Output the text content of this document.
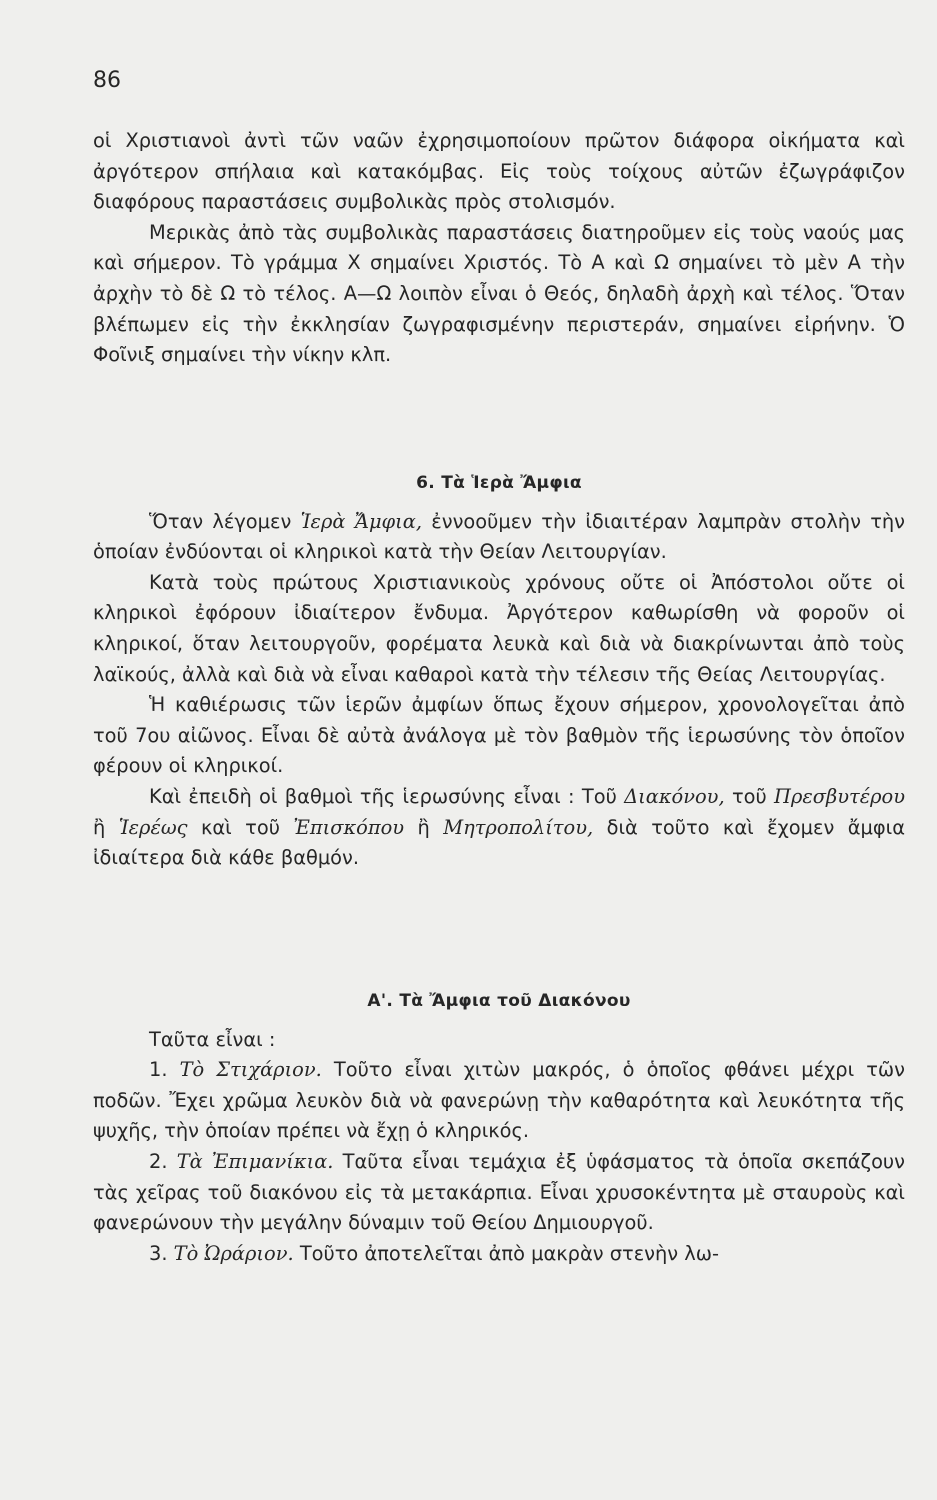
86

οἱ Χριστιανοὶ ἀντὶ τῶν ναῶν ἐχρησιμοποίουν πρῶτον διάφορα οἰκήματα καὶ ἀργότερον σπήλαια καὶ κατακόμβας. Εἰς τοὺς τοίχους αὐτῶν ἐζωγράφιζον διαφόρους παραστάσεις συμβολικὰς πρὸς στολισμόν.

Μερικὰς ἀπὸ τὰς συμβολικὰς παραστάσεις διατηροῦμεν εἰς τοὺς ναούς μας καὶ σήμερον. Τὸ γράμμα Χ σημαίνει Χριστός. Τὸ Α καὶ Ω σημαίνει τὸ μὲν Α τὴν ἀρχὴν τὸ δὲ Ω τὸ τέλος. Α—Ω λοιπὸν εἶναι ὁ Θεός, δηλαδὴ ἀρχὴ καὶ τέλος. Ὅταν βλέπωμεν εἰς τὴν ἐκκλησίαν ζωγραφισμένην περιστεράν, σημαίνει εἰρήνην. Ὁ Φοῖνιξ σημαίνει τὴν νίκην κλπ.

6. Τὰ Ἱερὰ Ἄμφια

Ὅταν λέγομεν Ἱερὰ Ἄμφια, ἐννοοῦμεν τὴν ἰδιαιτέραν λαμπρὰν στολὴν τὴν ὁποίαν ἐνδύονται οἱ κληρικοὶ κατὰ τὴν Θείαν Λειτουργίαν.

Κατὰ τοὺς πρώτους Χριστιανικοὺς χρόνους οὔτε οἱ Ἀπόστολοι οὔτε οἱ κληρικοὶ ἐφόρουν ἰδιαίτερον ἔνδυμα. Ἀργότερον καθωρίσθη νὰ φοροῦν οἱ κληρικοί, ὅταν λειτουργοῦν, φορέματα λευκὰ καὶ διὰ νὰ διακρίνωνται ἀπὸ τοὺς λαϊκούς, ἀλλὰ καὶ διὰ νὰ εἶναι καθαροὶ κατὰ τὴν τέλεσιν τῆς Θείας Λειτουργίας.

Ἡ καθιέρωσις τῶν ἱερῶν ἀμφίων ὅπως ἔχουν σήμερον, χρονολογεῖται ἀπὸ τοῦ 7ου αἰῶνος. Εἶναι δὲ αὐτὰ ἀνάλογα μὲ τὸν βαθμὸν τῆς ἱερωσύνης τὸν ὁποῖον φέρουν οἱ κληρικοί.

Καὶ ἐπειδὴ οἱ βαθμοὶ τῆς ἱερωσύνης εἶναι : Τοῦ Διακόνου, τοῦ Πρεσβυτέρου ἢ Ἱερέως καὶ τοῦ Ἐπισκόπου ἢ Μητροπολίτου, διὰ τοῦτο καὶ ἔχομεν ἄμφια ἰδιαίτερα διὰ κάθε βαθμόν.

Α'. Τὰ Ἄμφια τοῦ Διακόνου

Ταῦτα εἶναι :

1. Τὸ Στιχάριον. Τοῦτο εἶναι χιτὼν μακρός, ὁ ὁποῖος φθάνει μέχρι τῶν ποδῶν. Ἔχει χρῶμα λευκὸν διὰ νὰ φανερώνῃ τὴν καθαρότητα καὶ λευκότητα τῆς ψυχῆς, τὴν ὁποίαν πρέπει νὰ ἔχῃ ὁ κληρικός.

2. Τὰ Ἐπιμανίκια. Ταῦτα εἶναι τεμάχια ἐξ ὑφάσματος τὰ ὁποῖα σκεπάζουν τὰς χεῖρας τοῦ διακόνου εἰς τὰ μετακάρπια. Εἶναι χρυσοκέντητα μὲ σταυροὺς καὶ φανερώνουν τὴν μεγάλην δύναμιν τοῦ Θείου Δημιουργοῦ.

3. Τὸ Ὠράριον. Τοῦτο ἀποτελεῖται ἀπὸ μακρὰν στενὴν λω-
